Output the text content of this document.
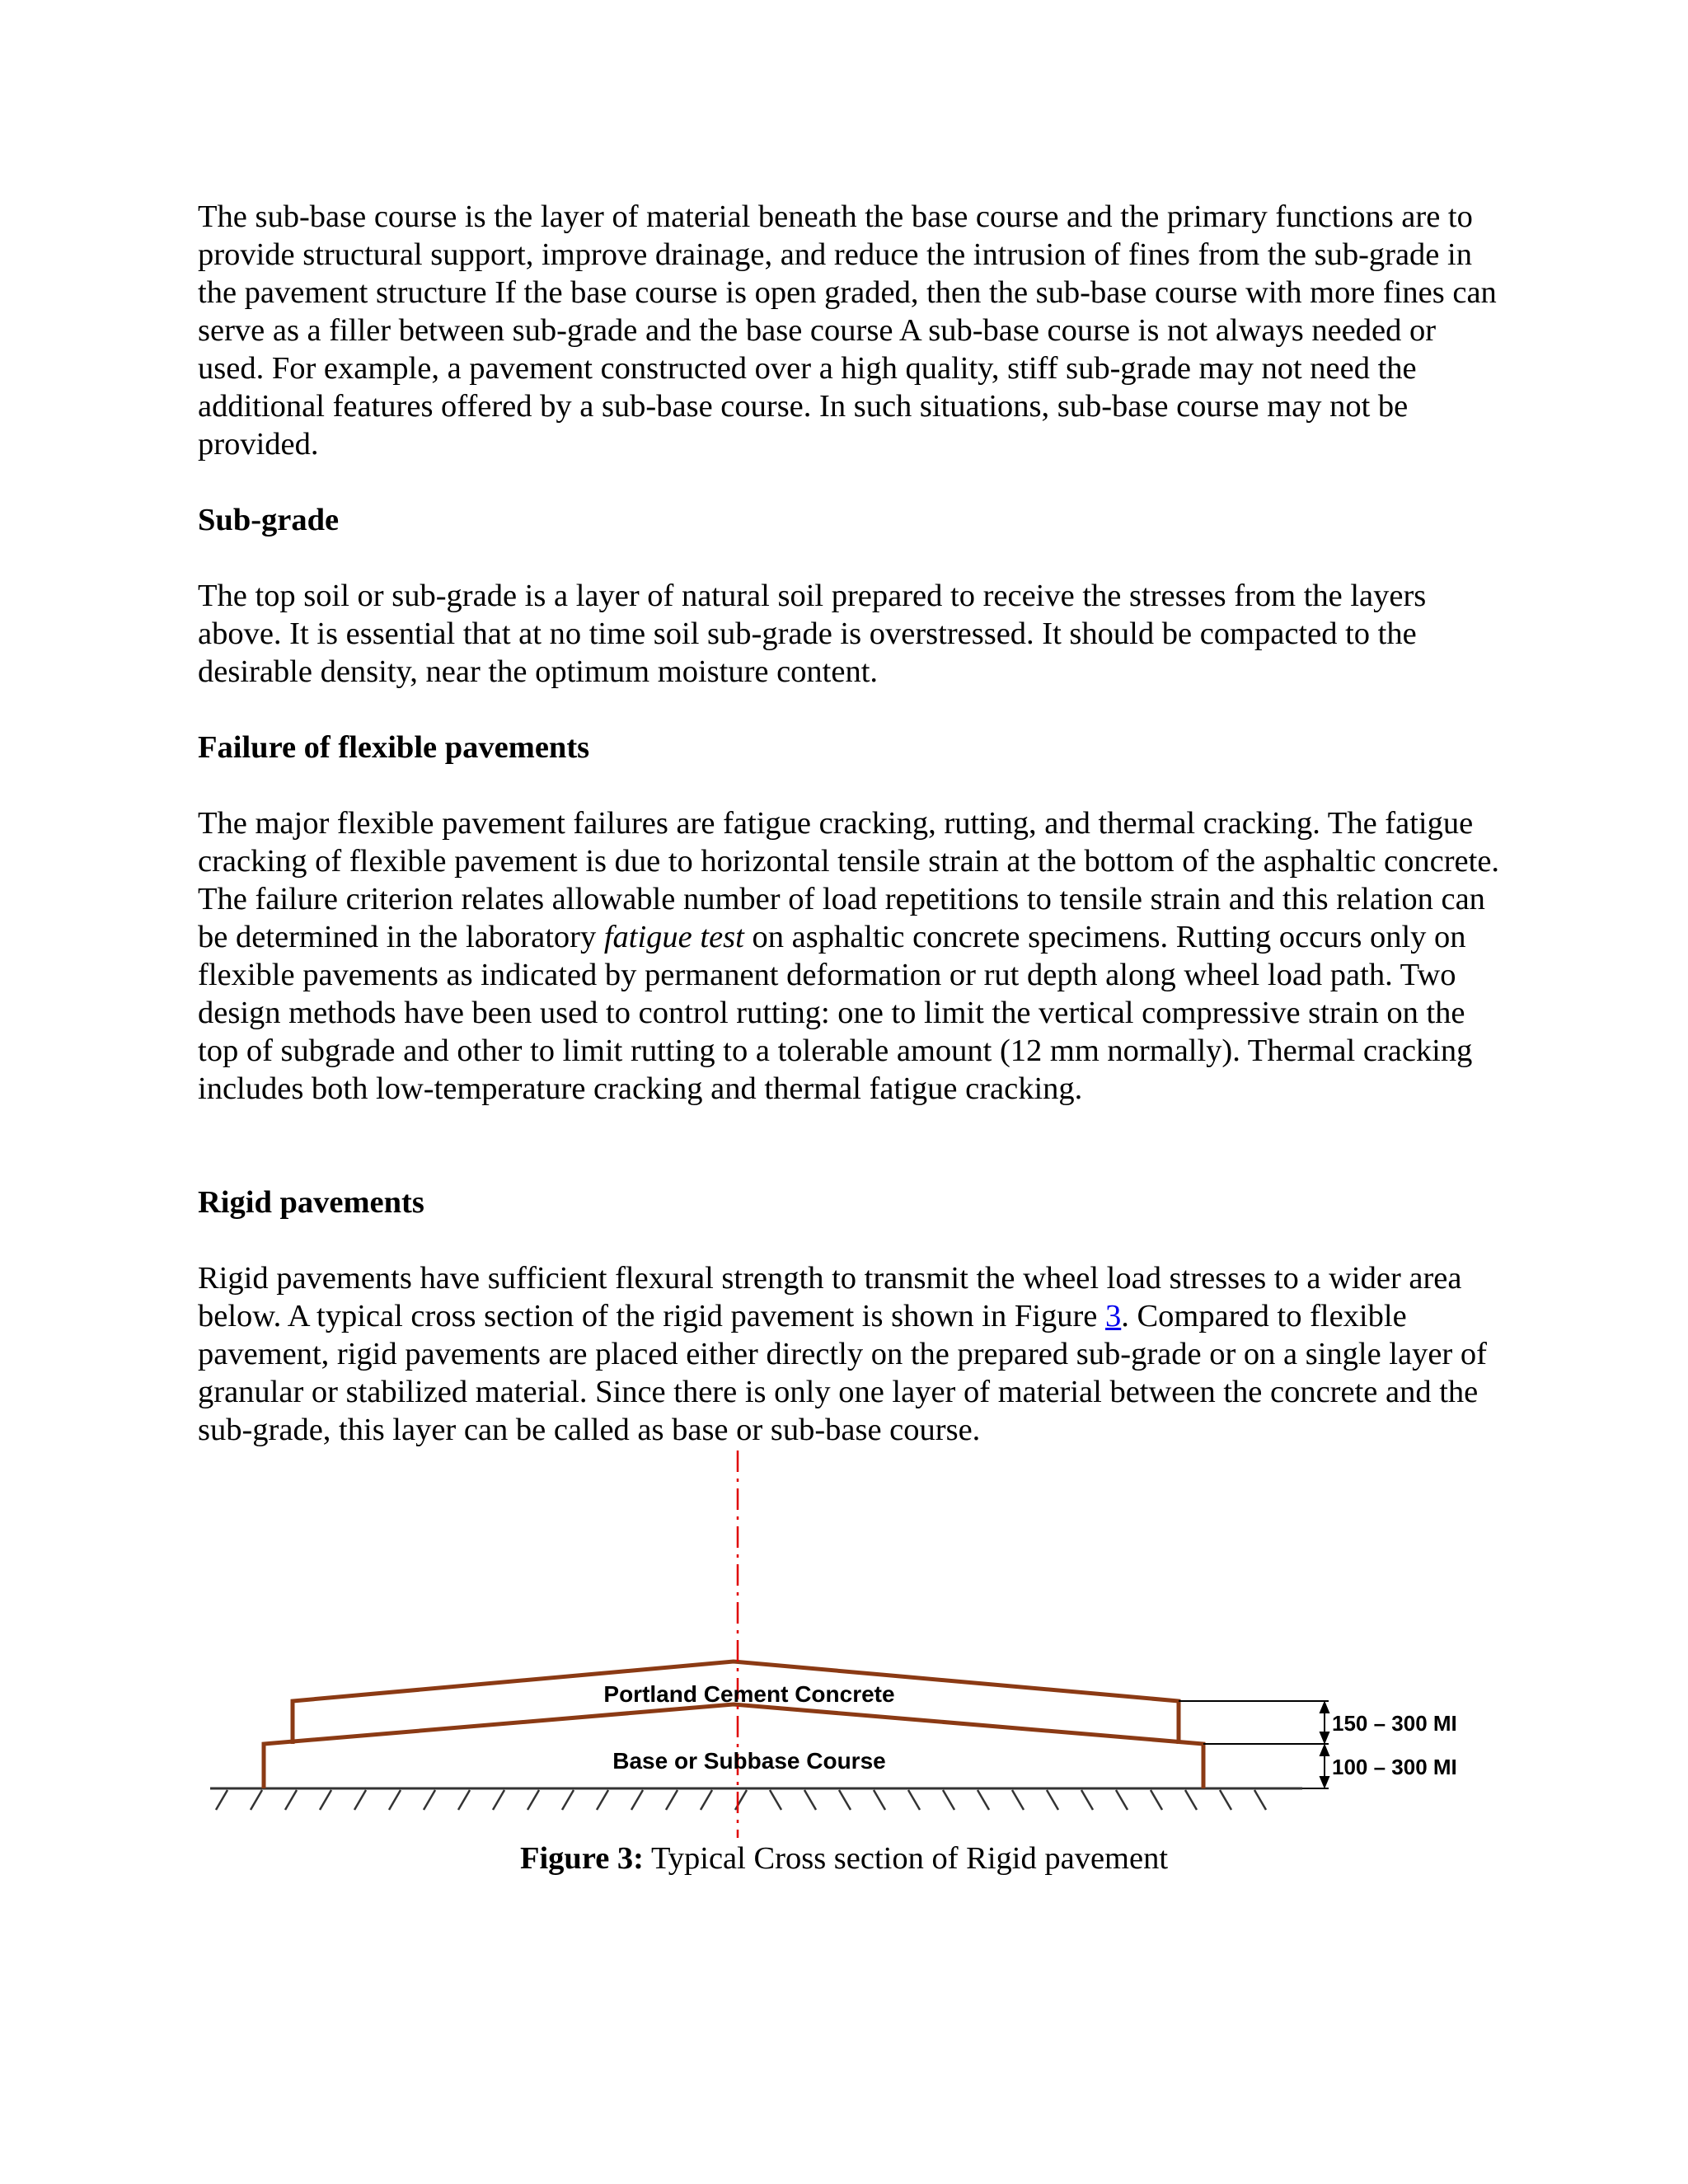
The sub-base course is the layer of material beneath the base course and the primary functions are to provide structural support, improve drainage, and reduce the intrusion of fines from the sub-grade in the pavement structure If the base course is open graded, then the sub-base course with more fines can serve as a filler between sub-grade and the base course A sub-base course is not always needed or used. For example, a pavement constructed over a high quality, stiff sub-grade may not need the additional features offered by a sub-base course. In such situations, sub-base course may not be provided.

Sub-grade

The top soil or sub-grade is a layer of natural soil prepared to receive the stresses from the layers above. It is essential that at no time soil sub-grade is overstressed. It should be compacted to the desirable density, near the optimum moisture content.

Failure of flexible pavements

The major flexible pavement failures are fatigue cracking, rutting, and thermal cracking. The fatigue cracking of flexible pavement is due to horizontal tensile strain at the bottom of the asphaltic concrete. The failure criterion relates allowable number of load repetitions to tensile strain and this relation can be determined in the laboratory fatigue test on asphaltic concrete specimens. Rutting occurs only on flexible pavements as indicated by permanent deformation or rut depth along wheel load path. Two design methods have been used to control rutting: one to limit the vertical compressive strain on the top of subgrade and other to limit rutting to a tolerable amount (12 mm normally). Thermal cracking includes both low-temperature cracking and thermal fatigue cracking.

Rigid pavements

Rigid pavements have sufficient flexural strength to transmit the wheel load stresses to a wider area below. A typical cross section of the rigid pavement is shown in Figure 3. Compared to flexible pavement, rigid pavements are placed either directly on the prepared sub-grade or on a single layer of granular or stabilized material. Since there is only one layer of material between the concrete and the sub-grade, this layer can be called as base or sub-base course.

Portland Cement Concrete
Base or Subbase Course
150 – 300 MI
100 – 300 MI
Figure 3: Typical Cross section of Rigid pavement
